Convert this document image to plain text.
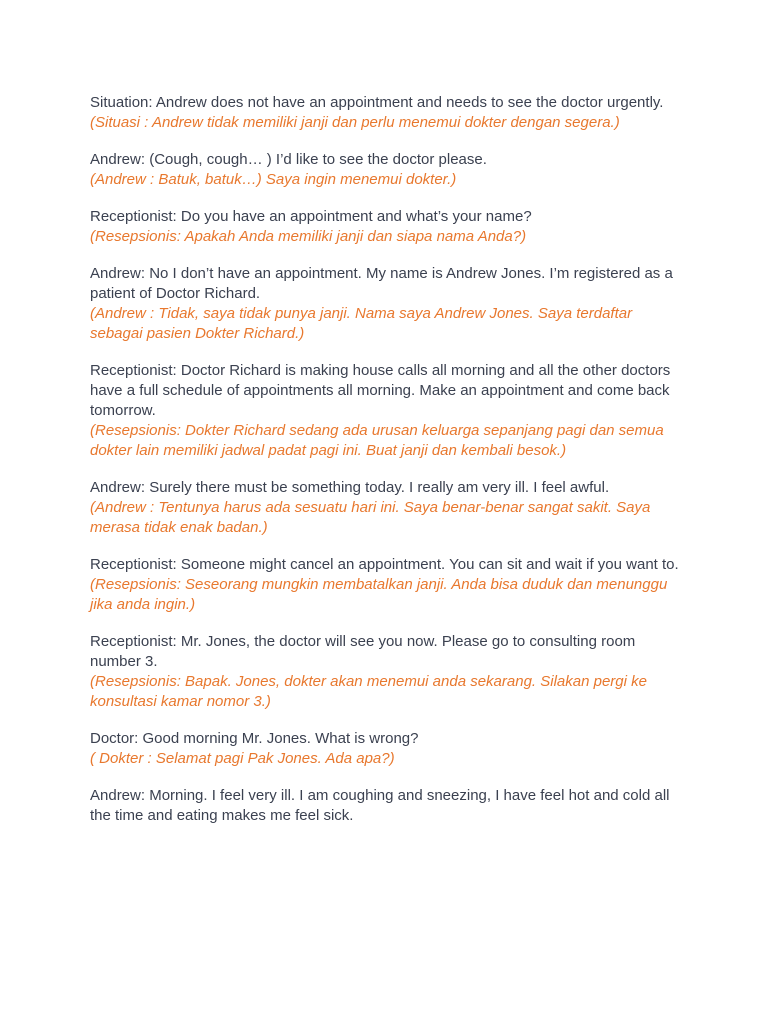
Situation: Andrew does not have an appointment and needs to see the doctor urgently.
(Situasi : Andrew tidak memiliki janji dan perlu menemui dokter dengan segera.)
Andrew: (Cough, cough… ) I’d like to see the doctor please.
(Andrew : Batuk, batuk…) Saya ingin menemui dokter.)
Receptionist: Do you have an appointment and what’s your name?
(Resepsionis: Apakah Anda memiliki janji dan siapa nama Anda?)
Andrew: No I don’t have an appointment. My name is Andrew Jones. I’m registered as a patient of Doctor Richard.
(Andrew : Tidak, saya tidak punya janji. Nama saya Andrew Jones. Saya terdaftar sebagai pasien Dokter Richard.)
Receptionist: Doctor Richard is making house calls all morning and all the other doctors have a full schedule of appointments all morning. Make an appointment and come back tomorrow.
(Resepsionis: Dokter Richard sedang ada urusan keluarga sepanjang pagi dan semua dokter lain memiliki jadwal padat pagi ini. Buat janji dan kembali besok.)
Andrew: Surely there must be something today. I really am very ill. I feel awful.
(Andrew : Tentunya harus ada sesuatu hari ini. Saya benar-benar sangat sakit. Saya merasa tidak enak badan.)
Receptionist: Someone might cancel an appointment. You can sit and wait if you want to.
(Resepsionis: Seseorang mungkin membatalkan janji. Anda bisa duduk dan menunggu jika anda ingin.)
Receptionist: Mr. Jones, the doctor will see you now. Please go to consulting room number 3.
(Resepsionis: Bapak. Jones, dokter akan menemui anda sekarang. Silakan pergi ke konsultasi kamar nomor 3.)
Doctor: Good morning Mr. Jones. What is wrong?
( Dokter : Selamat pagi Pak Jones. Ada apa?)
Andrew: Morning. I feel very ill. I am coughing and sneezing, I have feel hot and cold all the time and eating makes me feel sick.
